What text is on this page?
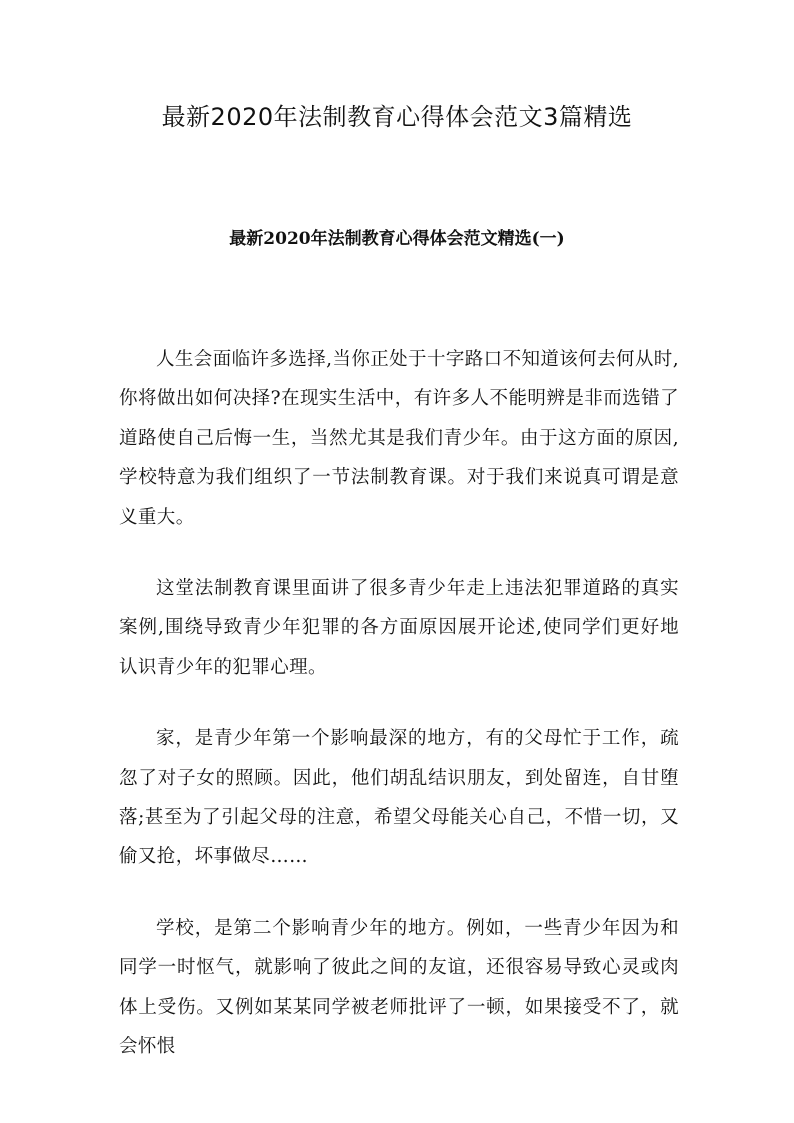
最新2020年法制教育心得体会范文3篇精选
最新2020年法制教育心得体会范文精选(一)

人生会面临许多选择,当你正处于十字路口不知道该何去何从时,你将做出如何决择?在现实生活中，有许多人不能明辨是非而选错了道路使自己后悔一生，当然尤其是我们青少年。由于这方面的原因,学校特意为我们组织了一节法制教育课。对于我们来说真可谓是意义重大。

这堂法制教育课里面讲了很多青少年走上违法犯罪道路的真实案例,围绕导致青少年犯罪的各方面原因展开论述,使同学们更好地认识青少年的犯罪心理。

家，是青少年第一个影响最深的地方，有的父母忙于工作，疏忽了对子女的照顾。因此，他们胡乱结识朋友，到处留连，自甘堕落;甚至为了引起父母的注意，希望父母能关心自己，不惜一切，又偷又抢，坏事做尽……

学校，是第二个影响青少年的地方。例如，一些青少年因为和同学一时怄气，就影响了彼此之间的友谊，还很容易导致心灵或肉体上受伤。又例如某某同学被老师批评了一顿，如果接受不了，就会怀恨
